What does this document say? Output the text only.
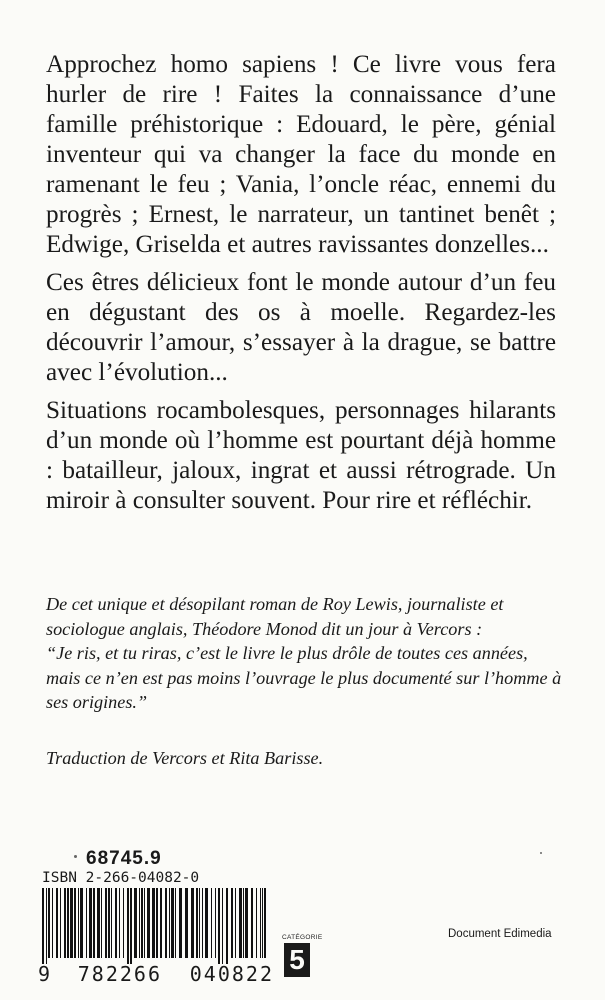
Approchez homo sapiens ! Ce livre vous fera hurler de rire ! Faites la connaissance d’une famille préhistorique : Edouard, le père, génial inventeur qui va changer la face du monde en ramenant le feu ; Vania, l’oncle réac, ennemi du progrès ; Ernest, le narrateur, un tantinet benêt ; Edwige, Griselda et autres ravissantes donzelles...

Ces êtres délicieux font le monde autour d’un feu en dégustant des os à moelle. Regardez-les découvrir l’amour, s’essayer à la drague, se battre avec l’évolution...

Situations rocambolesques, personnages hilarants d’un monde où l’homme est pourtant déjà homme : batailleur, jaloux, ingrat et aussi rétrograde. Un miroir à consulter souvent. Pour rire et réfléchir.

De cet unique et désopilant roman de Roy Lewis, journaliste et sociologue anglais, Théodore Monod dit un jour à Vercors :

“Je ris, et tu riras, c’est le livre le plus drôle de toutes ces années, mais ce n’en est pas moins l’ouvrage le plus documenté sur l’homme à ses origines.”

Traduction de Vercors et Rita Barisse.
68745.9
ISBN 2-266-04082-0
9 782266 040822
CATÉGORIE
5
Document Edimedia
